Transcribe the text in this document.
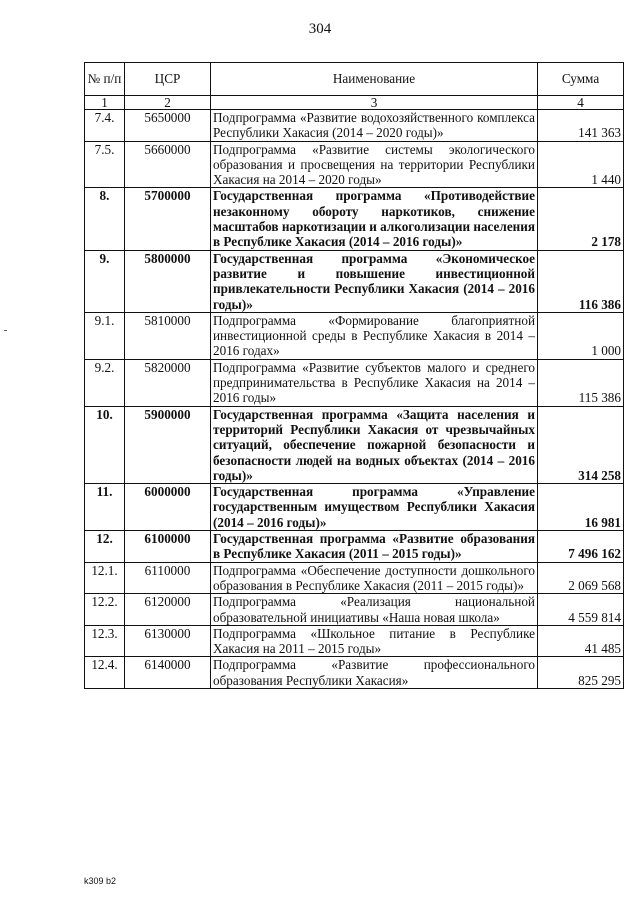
304
№ п/п	ЦСР	Наименование	Сумма
1	2	3	4
7.4.	5650000	Подпрограмма «Развитие водохозяйственного комплекса Республики Хакасия (2014 – 2020 годы)»	141 363
7.5.	5660000	Подпрограмма «Развитие системы экологического образования и просвещения на территории Республики Хакасия на 2014 – 2020 годы»	1 440
8.	5700000	Государственная программа «Противодействие незаконному обороту наркотиков, снижение масштабов наркотизации и алкоголизации населения в Республике Хакасия (2014 – 2016 годы)»	2 178
9.	5800000	Государственная программа «Экономическое развитие и повышение инвестиционной привлекательности Республики Хакасия (2014 – 2016 годы)»	116 386
9.1.	5810000	Подпрограмма «Формирование благоприятной инвестиционной среды в Республике Хакасия в 2014 – 2016 годах»	1 000
9.2.	5820000	Подпрограмма «Развитие субъектов малого и среднего предпринимательства в Республике Хакасия на 2014 – 2016 годы»	115 386
10.	5900000	Государственная программа «Защита населения и территорий Республики Хакасия от чрезвычайных ситуаций, обеспечение пожарной безопасности и безопасности людей на водных объектах (2014 – 2016 годы)»	314 258
11.	6000000	Государственная программа «Управление государственным имуществом Республики Хакасия (2014 – 2016 годы)»	16 981
12.	6100000	Государственная программа «Развитие образования в Республике Хакасия (2011 – 2015 годы)»	7 496 162
12.1.	6110000	Подпрограмма «Обеспечение доступности дошкольного образования в Республике Хакасия (2011 – 2015 годы)»	2 069 568
12.2.	6120000	Подпрограмма «Реализация национальной образовательной инициативы «Наша новая школа»	4 559 814
12.3.	6130000	Подпрограмма «Школьное питание в Республике Хакасия на 2011 – 2015 годы»	41 485
12.4.	6140000	Подпрограмма «Развитие профессионального образования Республики Хакасия»	825 295
k309 b2
